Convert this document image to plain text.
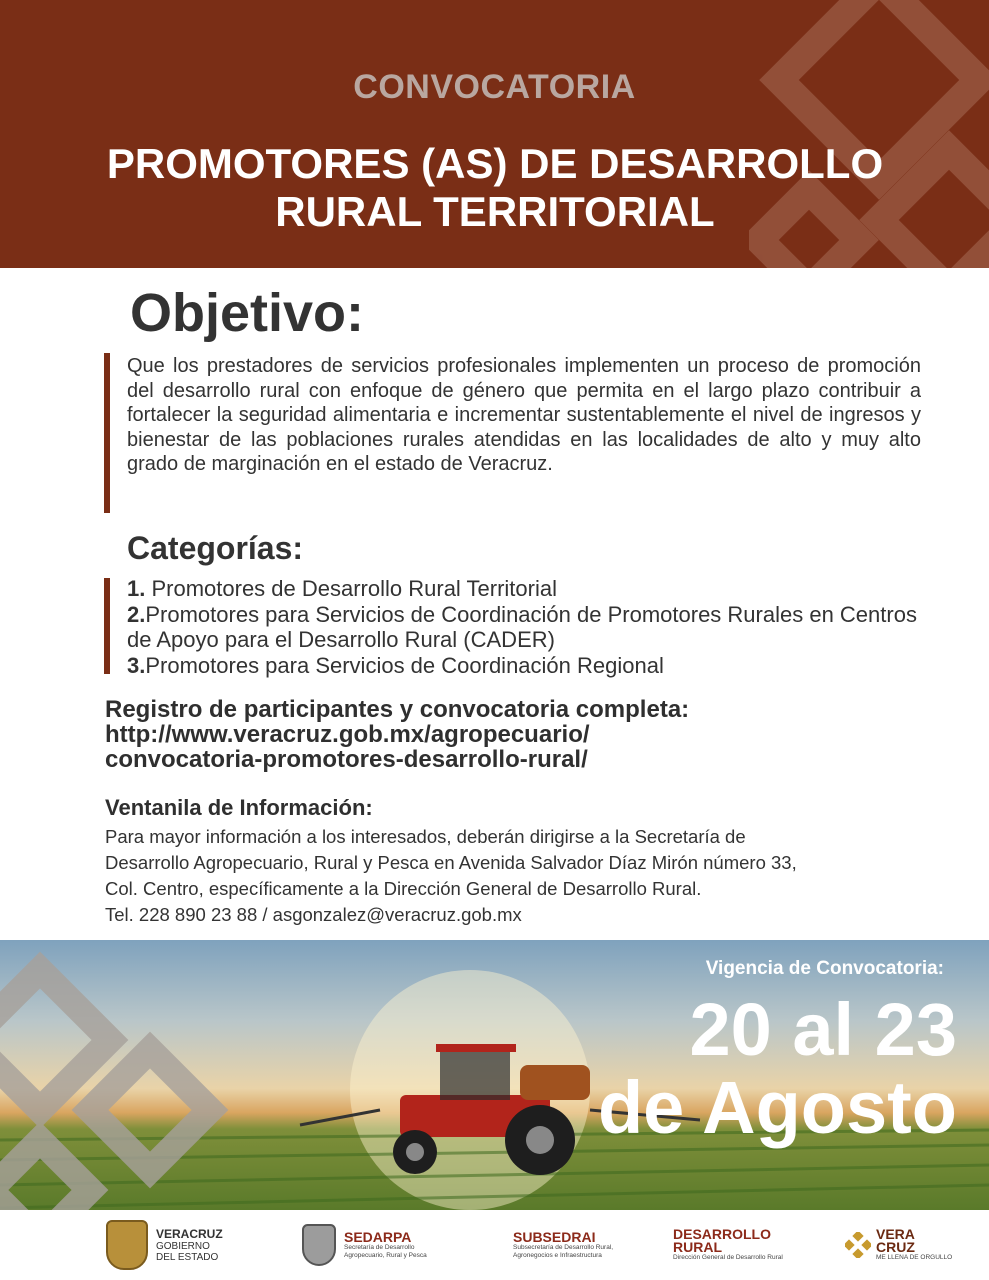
CONVOCATORIA
PROMOTORES (AS) DE DESARROLLO RURAL TERRITORIAL
Objetivo:
Que los prestadores de servicios profesionales implementen un proceso de promoción del desarrollo rural con enfoque de género que permita en el largo plazo contribuir a fortalecer la seguridad alimentaria e incrementar sustentablemente el nivel de ingresos y bienestar de las poblaciones rurales atendidas en las localidades de alto y muy alto grado de marginación en el estado de Veracruz.
Categorías:
1. Promotores de Desarrollo Rural Territorial
2.Promotores para Servicios de Coordinación de Promotores Rurales en Centros de Apoyo para el Desarrollo Rural (CADER)
3.Promotores para Servicios de Coordinación Regional
Registro de participantes y convocatoria completa:
http://www.veracruz.gob.mx/agropecuario/
convocatoria-promotores-desarrollo-rural/
Ventanila de Información:
Para mayor información a los interesados, deberán dirigirse a la Secretaría de
Desarrollo Agropecuario, Rural y Pesca en Avenida Salvador Díaz Mirón número 33,
Col. Centro, específicamente a la Dirección General de Desarrollo Rural.
Tel. 228 890 23 88 / asgonzalez@veracruz.gob.mx
Vigencia de Convocatoria:
20 al 23
de Agosto
VERACRUZ
GOBIERNO
DEL ESTADO
SEDARPA
Secretaría de Desarrollo
Agropecuario, Rural y Pesca
SUBSEDRAI
Subsecretaría de Desarrollo Rural,
Agronegocios e Infraestructura
DESARROLLO
RURAL
Dirección General de Desarrollo Rural
VERA
CRUZ
ME LLENA DE ORGULLO
